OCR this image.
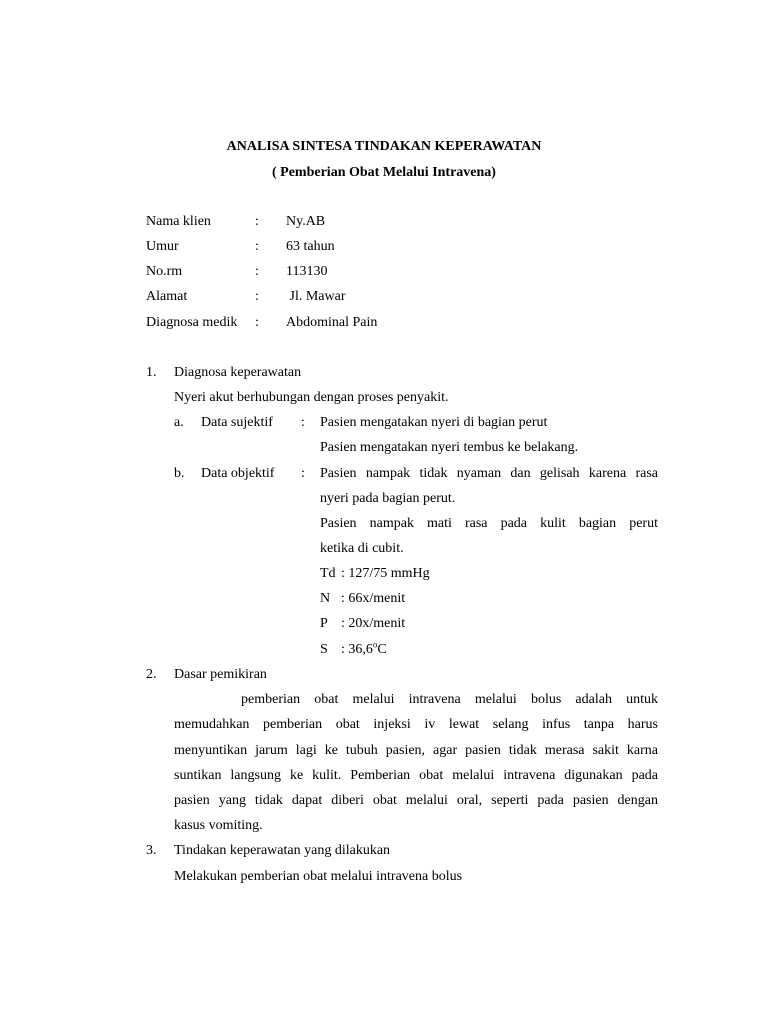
ANALISA SINTESA TINDAKAN KEPERAWATAN
( Pemberian Obat Melalui Intravena)
Nama klien	: Ny.AB
Umur	: 63 tahun
No.rm	: 113130
Alamat	: Jl. Mawar
Diagnosa medik : Abdominal Pain
1. Diagnosa keperawatan
Nyeri akut berhubungan dengan proses penyakit.
a. Data sujektif : Pasien mengatakan nyeri di bagian perut
Pasien mengatakan nyeri tembus ke belakang.
b. Data objektif : Pasien nampak tidak nyaman dan gelisah karena rasa
nyeri pada bagian perut.
Pasien nampak mati rasa pada kulit bagian perut
ketika di cubit.
Td : 127/75 mmHg
N : 66x/menit
P : 20x/menit
S : 36,6$^o$C
2. Dasar pemikiran
pemberian obat melalui intravena melalui bolus adalah untuk
memudahkan pemberian obat injeksi iv lewat selang infus tanpa harus
menyuntikan jarum lagi ke tubuh pasien, agar pasien tidak merasa sakit karna
suntikan langsung ke kulit. Pemberian obat melalui intravena digunakan pada
pasien yang tidak dapat diberi obat melalui oral, seperti pada pasien dengan
kasus vomiting.
3. Tindakan keperawatan yang dilakukan
Melakukan pemberian obat melalui intravena bolus
